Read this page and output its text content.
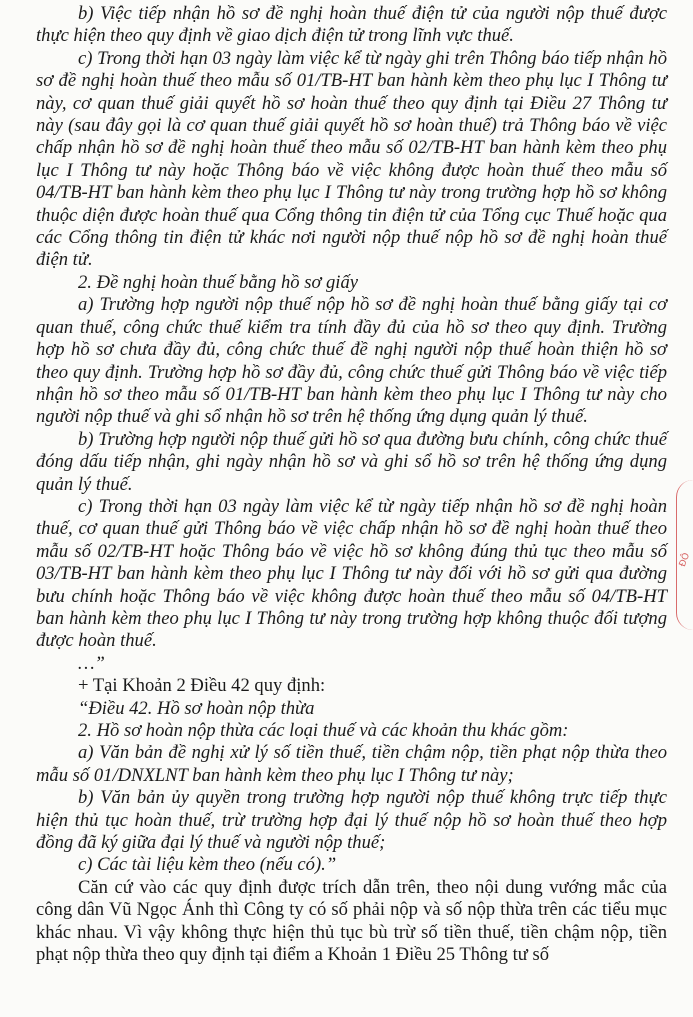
b) Việc tiếp nhận hồ sơ đề nghị hoàn thuế điện tử của người nộp thuế được thực hiện theo quy định về giao dịch điện tử trong lĩnh vực thuế.

c) Trong thời hạn 03 ngày làm việc kể từ ngày ghi trên Thông báo tiếp nhận hồ sơ đề nghị hoàn thuế theo mẫu số 01/TB-HT ban hành kèm theo phụ lục I Thông tư này, cơ quan thuế giải quyết hồ sơ hoàn thuế theo quy định tại Điều 27 Thông tư này (sau đây gọi là cơ quan thuế giải quyết hồ sơ hoàn thuế) trả Thông báo về việc chấp nhận hồ sơ đề nghị hoàn thuế theo mẫu số 02/TB-HT ban hành kèm theo phụ lục I Thông tư này hoặc Thông báo về việc không được hoàn thuế theo mẫu số 04/TB-HT ban hành kèm theo phụ lục I Thông tư này trong trường hợp hồ sơ không thuộc diện được hoàn thuế qua Cổng thông tin điện tử của Tổng cục Thuế hoặc qua các Cổng thông tin điện tử khác nơi người nộp thuế nộp hồ sơ đề nghị hoàn thuế điện tử.

2. Đề nghị hoàn thuế bằng hồ sơ giấy

a) Trường hợp người nộp thuế nộp hồ sơ đề nghị hoàn thuế bằng giấy tại cơ quan thuế, công chức thuế kiểm tra tính đầy đủ của hồ sơ theo quy định. Trường hợp hồ sơ chưa đầy đủ, công chức thuế đề nghị người nộp thuế hoàn thiện hồ sơ theo quy định. Trường hợp hồ sơ đầy đủ, công chức thuế gửi Thông báo về việc tiếp nhận hồ sơ theo mẫu số 01/TB-HT ban hành kèm theo phụ lục I Thông tư này cho người nộp thuế và ghi sổ nhận hồ sơ trên hệ thống ứng dụng quản lý thuế.

b) Trường hợp người nộp thuế gửi hồ sơ qua đường bưu chính, công chức thuế đóng dấu tiếp nhận, ghi ngày nhận hồ sơ và ghi sổ hồ sơ trên hệ thống ứng dụng quản lý thuế.

c) Trong thời hạn 03 ngày làm việc kể từ ngày tiếp nhận hồ sơ đề nghị hoàn thuế, cơ quan thuế gửi Thông báo về việc chấp nhận hồ sơ đề nghị hoàn thuế theo mẫu số 02/TB-HT hoặc Thông báo về việc hồ sơ không đúng thủ tục theo mẫu số 03/TB-HT ban hành kèm theo phụ lục I Thông tư này đối với hồ sơ gửi qua đường bưu chính hoặc Thông báo về việc không được hoàn thuế theo mẫu số 04/TB-HT ban hành kèm theo phụ lục I Thông tư này trong trường hợp không thuộc đối tượng được hoàn thuế.

…”

+ Tại Khoản 2 Điều 42 quy định:

“Điều 42. Hồ sơ hoàn nộp thừa

2. Hồ sơ hoàn nộp thừa các loại thuế và các khoản thu khác gồm:

a) Văn bản đề nghị xử lý số tiền thuế, tiền chậm nộp, tiền phạt nộp thừa theo mẫu số 01/DNXLNT ban hành kèm theo phụ lục I Thông tư này;

b) Văn bản ủy quyền trong trường hợp người nộp thuế không trực tiếp thực hiện thủ tục hoàn thuế, trừ trường hợp đại lý thuế nộp hồ sơ hoàn thuế theo hợp đồng đã ký giữa đại lý thuế và người nộp thuế;

c) Các tài liệu kèm theo (nếu có).”

Căn cứ vào các quy định được trích dẫn trên, theo nội dung vướng mắc của công dân Vũ Ngọc Ánh thì Công ty có số phải nộp và số nộp thừa trên các tiểu mục khác nhau. Vì vậy không thực hiện thủ tục bù trừ số tiền thuế, tiền chậm nộp, tiền phạt nộp thừa theo quy định tại điểm a Khoản 1 Điều 25 Thông tư số

ĐÔ
